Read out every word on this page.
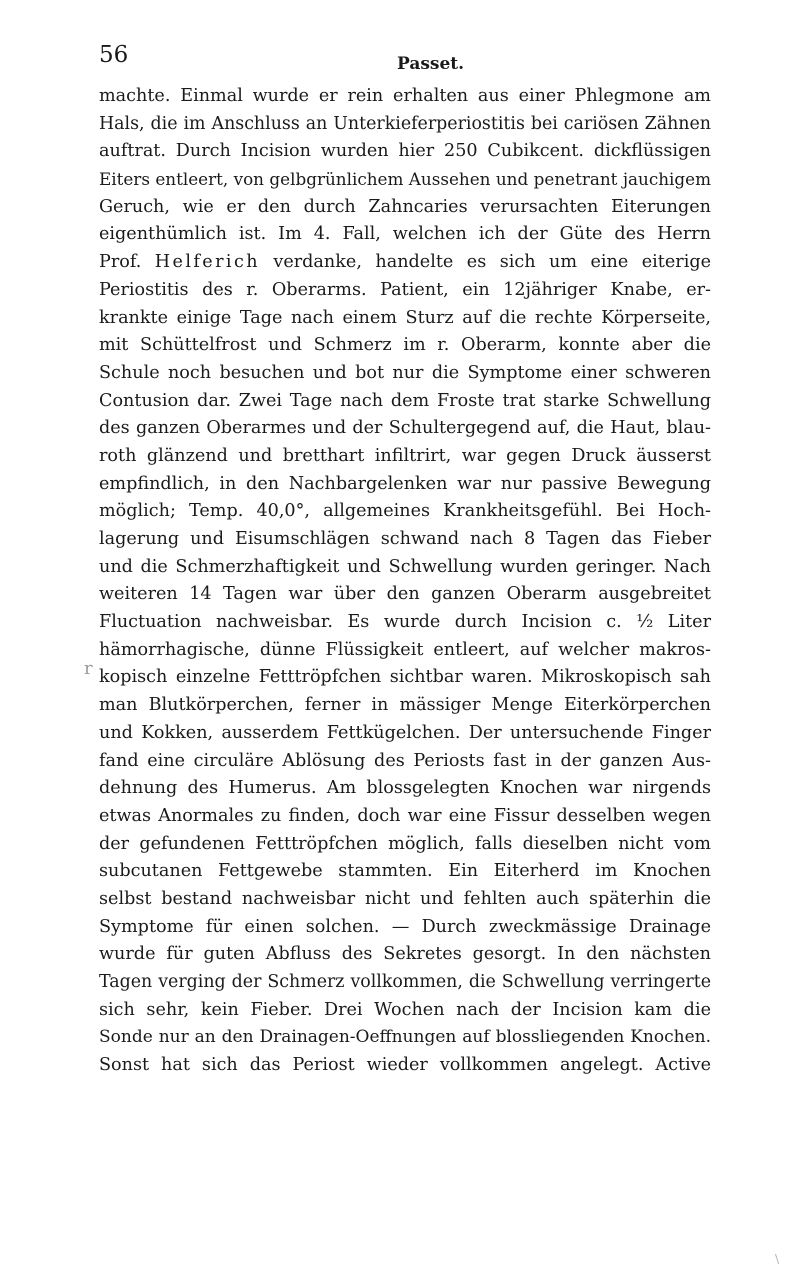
56	Passet.
machte. Einmal wurde er rein erhalten aus einer Phlegmone am
Hals, die im Anschluss an Unterkieferperiostitis bei cariösen Zähnen
auftrat. Durch Incision wurden hier 250 Cubikcent. dickflüssigen
Eiters entleert, von gelbgrünlichem Aussehen und penetrant jauchigem
Geruch, wie er den durch Zahncaries verursachten Eiterungen
eigenthümlich ist. Im 4. Fall, welchen ich der Güte des Herrn
Prof. Helferich verdanke, handelte es sich um eine eiterige
Periostitis des r. Oberarms. Patient, ein 12jähriger Knabe, er-
krankte einige Tage nach einem Sturz auf die rechte Körperseite,
mit Schüttelfrost und Schmerz im r. Oberarm, konnte aber die
Schule noch besuchen und bot nur die Symptome einer schweren
Contusion dar. Zwei Tage nach dem Froste trat starke Schwellung
des ganzen Oberarmes und der Schultergegend auf, die Haut, blau-
roth glänzend und bretthart infiltrirt, war gegen Druck äusserst
empfindlich, in den Nachbargelenken war nur passive Bewegung
möglich; Temp. 40,0°, allgemeines Krankheitsgefühl. Bei Hoch-
lagerung und Eisumschlägen schwand nach 8 Tagen das Fieber
und die Schmerzhaftigkeit und Schwellung wurden geringer. Nach
weiteren 14 Tagen war über den ganzen Oberarm ausgebreitet
Fluctuation nachweisbar. Es wurde durch Incision c. ½ Liter
hämorrhagische, dünne Flüssigkeit entleert, auf welcher makros-
kopisch einzelne Fetttröpfchen sichtbar waren. Mikroskopisch sah
man Blutkörperchen, ferner in mässiger Menge Eiterkörperchen
und Kokken, ausserdem Fettkügelchen. Der untersuchende Finger
fand eine circuläre Ablösung des Periosts fast in der ganzen Aus-
dehnung des Humerus. Am blossgelegten Knochen war nirgends
etwas Anormales zu finden, doch war eine Fissur desselben wegen
der gefundenen Fetttröpfchen möglich, falls dieselben nicht vom
subcutanen Fettgewebe stammten. Ein Eiterherd im Knochen
selbst bestand nachweisbar nicht und fehlten auch späterhin die
Symptome für einen solchen. — Durch zweckmässige Drainage
wurde für guten Abfluss des Sekretes gesorgt. In den nächsten
Tagen verging der Schmerz vollkommen, die Schwellung verringerte
sich sehr, kein Fieber. Drei Wochen nach der Incision kam die
Sonde nur an den Drainagen-Oeffnungen auf blossliegenden Knochen.
Sonst hat sich das Periost wieder vollkommen angelegt. Active
r
\
